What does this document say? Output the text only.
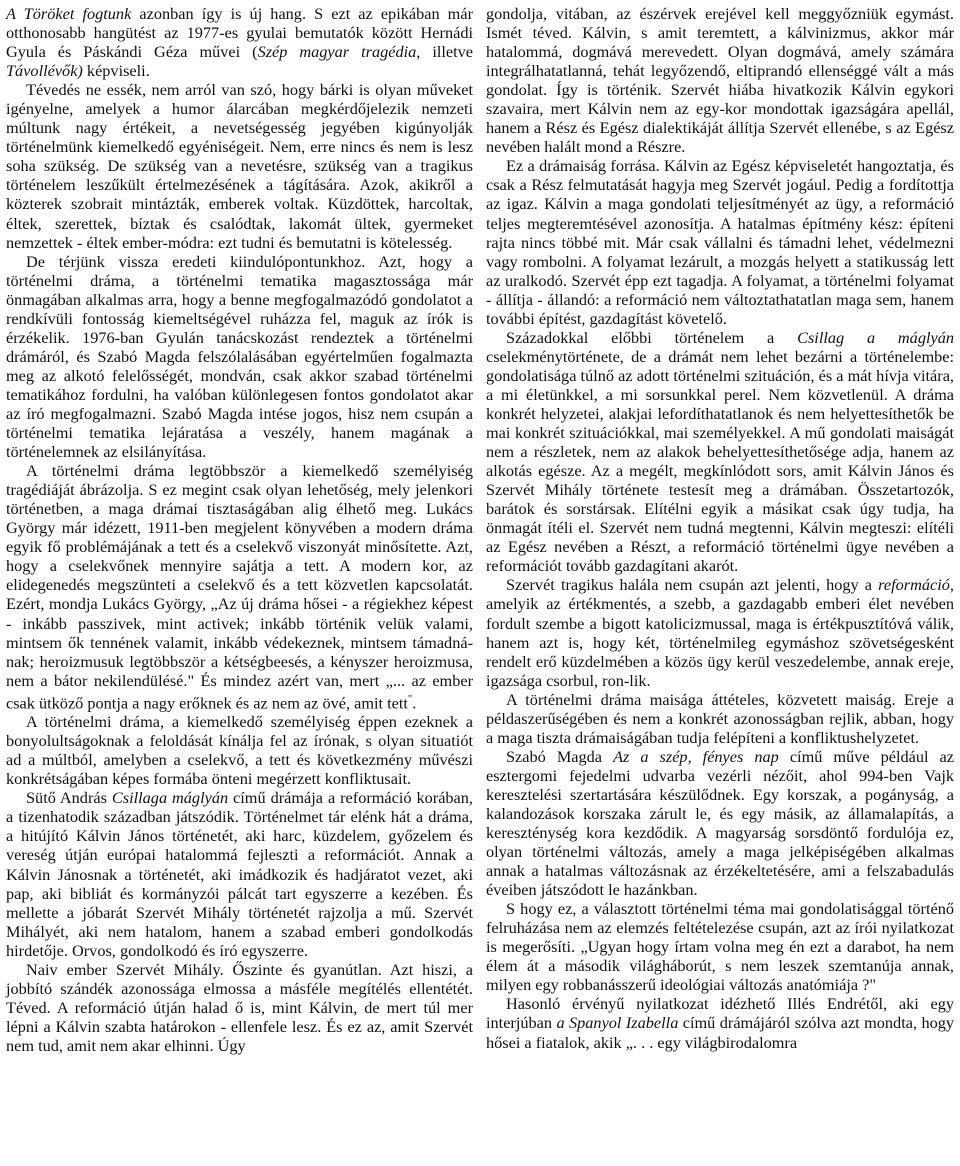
A Töröket fogtunk azonban így is új hang. S ezt az epikában már otthonosabb hangütést az 1977-es gyulai bemutatók között Hernádi Gyula és Páskándi Géza művei (Szép magyar tragédia, illetve Távollévők) képviseli.

Tévedés ne essék, nem arról van szó, hogy bárki is olyan műveket igényelne, amelyek a humor álarcában megkérdőjelezik nemzeti múltunk nagy értékeit, a nevetségesség jegyében kigúnyolják történelmünk kiemelkedő egyéniségeit. Nem, erre nincs és nem is lesz soha szükség. De szükség van a nevetésre, szükség van a tragikus történelem leszűkült értelmezésének a tágítására. Azok, akikről a közterek szobrait mintázták, emberek voltak. Küzdöttek, harcoltak, éltek, szerettek, bíztak és csalódtak, lakomát ültek, gyermeket nemzettek - éltek ember-módra: ezt tudni és bemutatni is kötelesség.

De térjünk vissza eredeti kiindulópontunkhoz. Azt, hogy a történelmi dráma, a történelmi tematika magasztossága már önmagában alkalmas arra, hogy a benne megfogalmazódó gondolatot a rendkívüli fontosság kiemeltségével ruházza fel, maguk az írók is érzékelik. 1976-ban Gyulán tanácskozást rendeztek a történelmi drámáról, és Szabó Magda felszólalásában egyértelműen fogalmazta meg az alkotó felelősségét, mondván, csak akkor szabad történelmi tematikához fordulni, ha valóban különlegesen fontos gondolatot akar az író megfogalmazni. Szabó Magda intése jogos, hisz nem csupán a történelmi tematika lejáratása a veszély, hanem magának a történelemnek az elsilányítása.

A történelmi dráma legtöbbször a kiemelkedő személyiség tragédiáját ábrázolja. S ez megint csak olyan lehetőség, mely jelenkori történetben, a maga drámai tisztaságában alig élhető meg. Lukács György már idézett, 1911-ben megjelent könyvében a modern dráma egyik fő problémájának a tett és a cselekvő viszonyát minősítette. Azt, hogy a cselekvőnek mennyire sajátja a tett. A modern kor, az elidegenedés megszünteti a cselekvő és a tett közvetlen kapcsolatát. Ezért, mondja Lukács György, „Az új dráma hősei - a régiekhez képest - inkább passzivek, mint activek; inkább történik velük valami, mintsem ők tennének valamit, inkább védekeznek, mintsem támadná-nak; heroizmusuk legtöbbször a kétségbeesés, a kényszer heroizmusa, nem a bátor nekilendülésé." És mindez azért van, mert „... az ember csak ütköző pontja a nagy erőknek és az nem az övé, amit tett".

A történelmi dráma, a kiemelkedő személyiség éppen ezeknek a bonyolultságoknak a feloldását kínálja fel az írónak, s olyan situatiót ad a múltból, amelyben a cselekvő, a tett és következmény művészi konkrétságában képes formába önteni megérzett konfliktusait.

Sütő András Csillaga máglyán című drámája a reformáció korában, a tizenhatodik században játszódik. Történelmet tár elénk hát a dráma, a hitújító Kálvin János történetét, aki harc, küzdelem, győzelem és vereség útján európai hatalommá fejleszti a reformációt. Annak a Kálvin Jánosnak a történetét, aki imádkozik és hadjáratot vezet, aki pap, aki bibliát és kormányzói pálcát tart egyszerre a kezében. És mellette a jóbarát Szervét Mihály történetét rajzolja a mű. Szervét Mihályét, aki nem hatalom, hanem a szabad emberi gondolkodás hirdetője. Orvos, gondolkodó és író egyszerre.

Naiv ember Szervét Mihály. Őszinte és gyanútlan. Azt hiszi, a jobbító szándék azonossága elmossa a másféle megítélés ellentétét. Téved. A reformáció útján halad ő is, mint Kálvin, de mert túl mer lépni a Kálvin szabta határokon - ellenfele lesz. És ez az, amit Szervét nem tud, amit nem akar elhinni. Úgy

gondolja, vitában, az észérvek erejével kell meggyőzniük egymást. Ismét téved. Kálvin, s amit teremtett, a kálvinizmus, akkor már hatalommá, dogmává merevedett. Olyan dogmává, amely számára integrálhatatlanná, tehát legyőzendő, eltiprandó ellenséggé vált a más gondolat. Így is történik. Szervét hiába hivatkozik Kálvin egykori szavaira, mert Kálvin nem az egy-kor mondottak igazságára apellál, hanem a Rész és Egész dialektikáját állítja Szervét ellenébe, s az Egész nevében halált mond a Részre.

Ez a drámaiság forrása. Kálvin az Egész képviseletét hangoztatja, és csak a Rész felmutatását hagyja meg Szervét jogául. Pedig a fordítottja az igaz. Kálvin a maga gondolati teljesítményét az ügy, a reformáció teljes megteremtésével azonosítja. A hatalmas építmény kész: építeni rajta nincs többé mit. Már csak vállalni és támadni lehet, védelmezni vagy rombolni. A folyamat lezárult, a mozgás helyett a statikusság lett az uralkodó. Szervét épp ezt tagadja. A folyamat, a történelmi folyamat - állítja - állandó: a reformáció nem változtathatatlan maga sem, hanem további építést, gazdagítást követelő.

Századokkal előbbi történelem a Csillag a máglyán cselekménytörténete, de a drámát nem lehet bezárni a történelembe: gondolatisága túlnő az adott történelmi szituáción, és a mát hívja vitára, a mi életünkkel, a mi sorsunkkal perel. Nem közvetlenül. A dráma konkrét helyzetei, alakjai lefordíthatatlanok és nem helyettesíthetők be mai konkrét szituációkkal, mai személyekkel. A mű gondolati maiságát nem a részletek, nem az alakok behelyettesíthetősége adja, hanem az alkotás egésze. Az a megélt, megkínlódott sors, amit Kálvin János és Szervét Mihály története testesít meg a drámában. Összetartozók, barátok és sorstársak. Elítélni egyik a másikat csak úgy tudja, ha önmagát ítéli el. Szervét nem tudná megtenni, Kálvin megteszi: elítéli az Egész nevében a Részt, a reformáció történelmi ügye nevében a reformációt tovább gazdagítani akarót.

Szervét tragikus halála nem csupán azt jelenti, hogy a reformáció, amelyik az értékmentés, a szebb, a gazdagabb emberi élet nevében fordult szembe a bigott katolicizmussal, maga is értékpusztítóvá válik, hanem azt is, hogy két, történelmileg egymáshoz szövetségesként rendelt erő küzdelmében a közös ügy kerül veszedelembe, annak ereje, igazsága csorbul, ron-lik.

A történelmi dráma maisága áttételes, közvetett maiság. Ereje a példaszerűségében és nem a konkrét azonosságban rejlik, abban, hogy a maga tiszta drámaiságában tudja felépíteni a konfliktushelyzetet.

Szabó Magda Az a szép, fényes nap című műve például az esztergomi fejedelmi udvarba vezérli nézőit, ahol 994-ben Vajk keresztelési szertartására készülődnek. Egy korszak, a pogányság, a kalandozások korszaka zárult le, és egy másik, az államalapítás, a kereszténység kora kezdődik. A magyarság sorsdöntő fordulója ez, olyan történelmi változás, amely a maga jelképiségében alkalmas annak a hatalmas változásnak az érzékeltetésére, ami a felszabadulás éveiben játszódott le hazánkban.

S hogy ez, a választott történelmi téma mai gondolatisággal történő felruházása nem az elemzés feltételezése csupán, azt az írói nyilatkozat is megerősíti. „Ugyan hogy írtam volna meg én ezt a darabot, ha nem élem át a második világháborút, s nem leszek szemtanúja annak, milyen egy robbanásszerű ideológiai változás anatómiája ?"

Hasonló érvényű nyilatkozat idézhető Illés Endrétől, aki egy interjúban a Spanyol Izabella című drámájáról szólva azt mondta, hogy hősei a fiatalok, akik „. . . egy világbirodalomra
